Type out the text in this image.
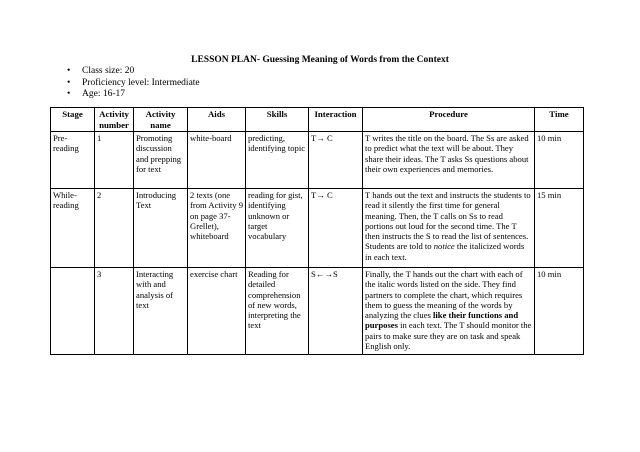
LESSON PLAN- Guessing Meaning of Words from the Context
• Class size: 20
• Proficiency level: Intermediate
• Age: 16-17
Stage	Activity number	Activity name	Aids	Skills	Interaction	Procedure	Time
Pre-reading	1	Promoting discussion and prepping for text	white-board	predicting, identifying topic	T→ C	T writes the title on the board. The Ss are asked to predict what the text will be about. They share their ideas. The T asks Ss questions about their own experiences and memories.	10 min
While-reading	2	Introducing Text	2 texts (one from Activity 9 on page 37- Grellet), whiteboard	reading for gist, identifying unknown or target vocabulary	T→ C	T hands out the text and instructs the students to read it silently the first time for general meaning. Then, the T calls on Ss to read portions out loud for the second time. The T then instructs the S to read the list of sentences. Students are told to notice the italicized words in each text.	15 min
	3	Interacting with and analysis of text	exercise chart	Reading for detailed comprehension of new words, interpreting the text	S←→S	Finally, the T hands out the chart with each of the italic words listed on the side. They find partners to complete the chart, which requires them to guess the meaning of the words by analyzing the clues like their functions and purposes in each text. The T should monitor the pairs to make sure they are on task and speak English only.	10 min
